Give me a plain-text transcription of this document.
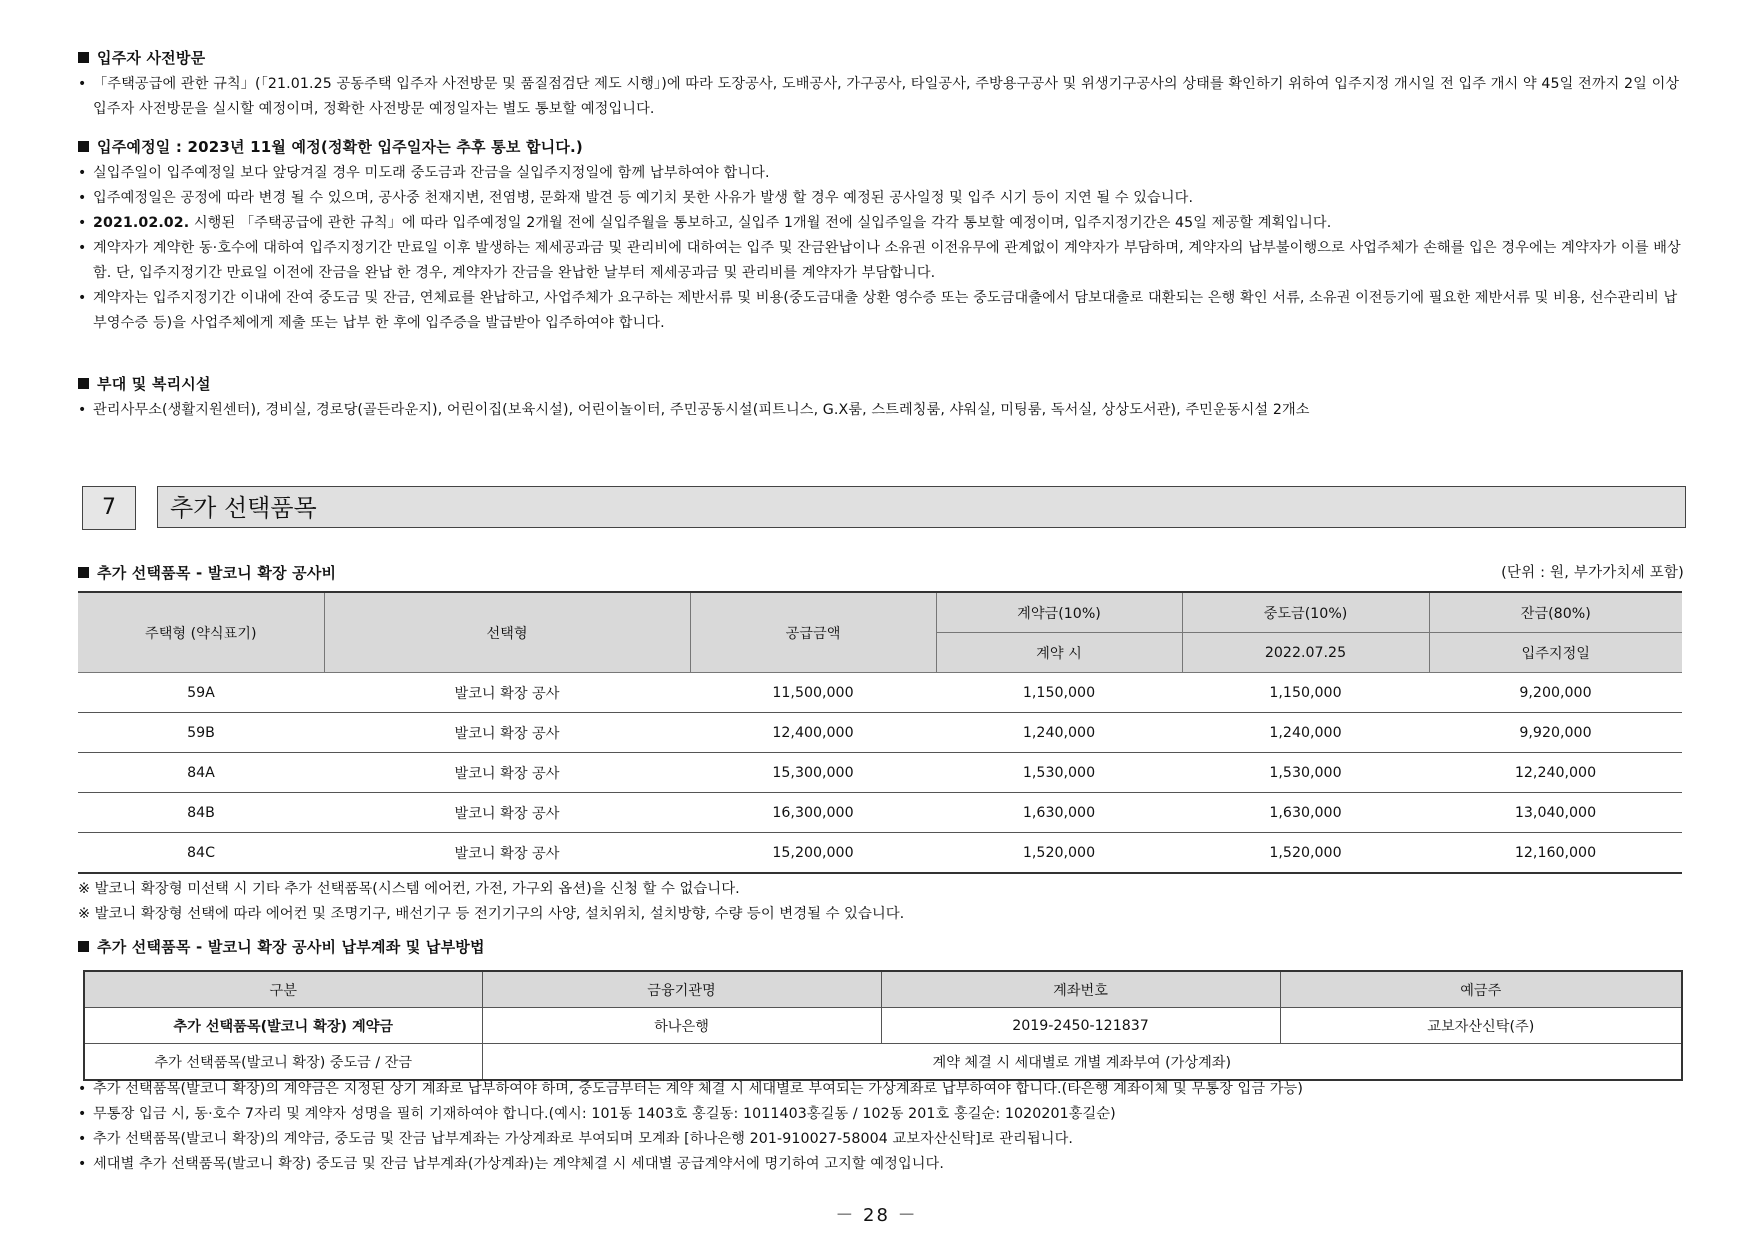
입주자 사전방문
• 「주택공급에 관한 규칙」(「21.01.25 공동주택 입주자 사전방문 및 품질점검단 제도 시행」)에 따라 도장공사, 도배공사, 가구공사, 타일공사, 주방용구공사 및 위생기구공사의 상태를 확인하기 위하여 입주지정 개시일 전 입주 개시 약 45일 전까지 2일 이상 입주자 사전방문을 실시할 예정이며, 정확한 사전방문 예정일자는 별도 통보할 예정입니다.
입주예정일 : 2023년 11월 예정(정확한 입주일자는 추후 통보 합니다.)
• 실입주일이 입주예정일 보다 앞당겨질 경우 미도래 중도금과 잔금을 실입주지정일에 함께 납부하여야 합니다.
• 입주예정일은 공정에 따라 변경 될 수 있으며, 공사중 천재지변, 전염병, 문화재 발견 등 예기치 못한 사유가 발생 할 경우 예정된 공사일정 및 입주 시기 등이 지연 될 수 있습니다.
• 2021.02.02. 시행된 「주택공급에 관한 규칙」에 따라 입주예정일 2개월 전에 실입주월을 통보하고, 실입주 1개월 전에 실입주일을 각각 통보할 예정이며, 입주지정기간은 45일 제공할 계획입니다.
• 계약자가 계약한 동·호수에 대하여 입주지정기간 만료일 이후 발생하는 제세공과금 및 관리비에 대하여는 입주 및 잔금완납이나 소유권 이전유무에 관계없이 계약자가 부담하며, 계약자의 납부불이행으로 사업주체가 손해를 입은 경우에는 계약자가 이를 배상함. 단, 입주지정기간 만료일 이전에 잔금을 완납 한 경우, 계약자가 잔금을 완납한 날부터 제세공과금 및 관리비를 계약자가 부담합니다.
• 계약자는 입주지정기간 이내에 잔여 중도금 및 잔금, 연체료를 완납하고, 사업주체가 요구하는 제반서류 및 비용(중도금대출 상환 영수증 또는 중도금대출에서 담보대출로 대환되는 은행 확인 서류, 소유권 이전등기에 필요한 제반서류 및 비용, 선수관리비 납부영수증 등)을 사업주체에게 제출 또는 납부 한 후에 입주증을 발급받아 입주하여야 합니다.
부대 및 복리시설
• 관리사무소(생활지원센터), 경비실, 경로당(골든라운지), 어린이집(보육시설), 어린이놀이터, 주민공동시설(피트니스, G.X룸, 스트레칭룸, 샤워실, 미팅룸, 독서실, 상상도서관), 주민운동시설 2개소
7	추가 선택품목
추가 선택품목 - 발코니 확장 공사비	(단위 : 원, 부가가치세 포함)
주택형 (약식표기)	선택형	공급금액	계약금(10%)	중도금(10%)	잔금(80%)
			계약 시	2022.07.25	입주지정일
59A	발코니 확장 공사	11,500,000	1,150,000	1,150,000	9,200,000
59B	발코니 확장 공사	12,400,000	1,240,000	1,240,000	9,920,000
84A	발코니 확장 공사	15,300,000	1,530,000	1,530,000	12,240,000
84B	발코니 확장 공사	16,300,000	1,630,000	1,630,000	13,040,000
84C	발코니 확장 공사	15,200,000	1,520,000	1,520,000	12,160,000
※ 발코니 확장형 미선택 시 기타 추가 선택품목(시스템 에어컨, 가전, 가구외 옵션)을 신청 할 수 없습니다.
※ 발코니 확장형 선택에 따라 에어컨 및 조명기구, 배선기구 등 전기기구의 사양, 설치위치, 설치방향, 수량 등이 변경될 수 있습니다.
추가 선택품목 - 발코니 확장 공사비 납부계좌 및 납부방법
구분	금융기관명	계좌번호	예금주
추가 선택품목(발코니 확장) 계약금	하나은행	2019-2450-121837	교보자산신탁(주)
추가 선택품목(발코니 확장) 중도금 / 잔금	계약 체결 시 세대별로 개별 계좌부여 (가상계좌)		
• 추가 선택품목(발코니 확장)의 계약금은 지정된 상기 계좌로 납부하여야 하며, 중도금부터는 계약 체결 시 세대별로 부여되는 가상계좌로 납부하여야 합니다.(타은행 계좌이체 및 무통장 입금 가능)
• 무통장 입금 시, 동·호수 7자리 및 계약자 성명을 필히 기재하여야 합니다.(예시: 101동 1403호 홍길동: 1011403홍길동 / 102동 201호 홍길순: 1020201홍길순)
• 추가 선택품목(발코니 확장)의 계약금, 중도금 및 잔금 납부계좌는 가상계좌로 부여되며 모계좌 [하나은행 201-910027-58004 교보자산신탁]로 관리됩니다.
• 세대별 추가 선택품목(발코니 확장) 중도금 및 잔금 납부계좌(가상계좌)는 계약체결 시 세대별 공급계약서에 명기하여 고지할 예정입니다.
－ 28 －
